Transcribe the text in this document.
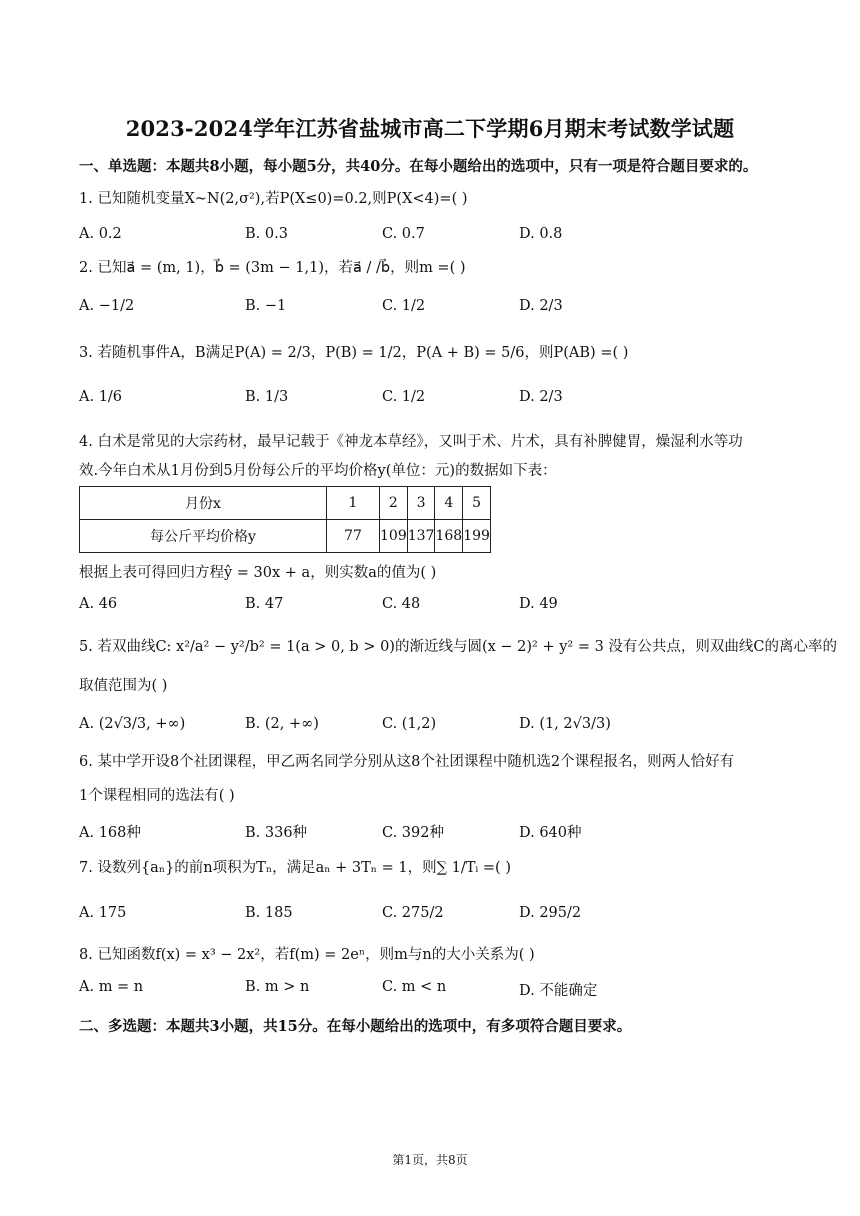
2023-2024学年江苏省盐城市高二下学期6月期末考试数学试题
一、单选题：本题共8小题，每小题5分，共40分。在每小题给出的选项中，只有一项是符合题目要求的。
1. 已知随机变量X~N(2,σ²),若P(X≤0)=0.2,则P(X<4)=( )
A. 0.2	B. 0.3	C. 0.7	D. 0.8
2. 已知a⃗ = (m, 1)，b⃗ = (3m − 1,1)，若a⃗ / /b⃗，则m =( )
A. −1/2	B. −1	C. 1/2	D. 2/3
3. 若随机事件A，B满足P(A) = 2/3，P(B) = 1/2，P(A + B) = 5/6，则P(AB) =( )
A. 1/6	B. 1/3	C. 1/2	D. 2/3
4. 白术是常见的大宗药材，最早记载于《神龙本草经》，又叫于术、片术，具有补脾健胃，燥湿利水等功
效.今年白术从1月份到5月份每公斤的平均价格y(单位：元)的数据如下表：
月份x	1	2	3	4	5
每公斤平均价格y	77	109	137	168	199
根据上表可得回归方程ŷ = 30x + a，则实数a的值为( )
A. 46	B. 47	C. 48	D. 49
5. 若双曲线C: x²/a² − y²/b² = 1(a > 0, b > 0)的渐近线与圆(x − 2)² + y² = 3 没有公共点，则双曲线C的离心率的
取值范围为( )
A. (2√3/3, +∞)	B. (2, +∞)	C. (1,2)	D. (1, 2√3/3)
6. 某中学开设8个社团课程，甲乙两名同学分别从这8个社团课程中随机选2个课程报名，则两人恰好有
1个课程相同的选法有( )
A. 168种	B. 336种	C. 392种	D. 640种
7. 设数列{aₙ}的前n项积为Tₙ，满足aₙ + 3Tₙ = 1，则∑ 1/Tᵢ =( )
A. 175	B. 185	C. 275/2	D. 295/2
8. 已知函数f(x) = x³ − 2x²，若f(m) = 2eⁿ，则m与n的大小关系为( )
A. m = n	B. m > n	C. m < n	D. 不能确定
二、多选题：本题共3小题，共15分。在每小题给出的选项中，有多项符合题目要求。
第1页，共8页
